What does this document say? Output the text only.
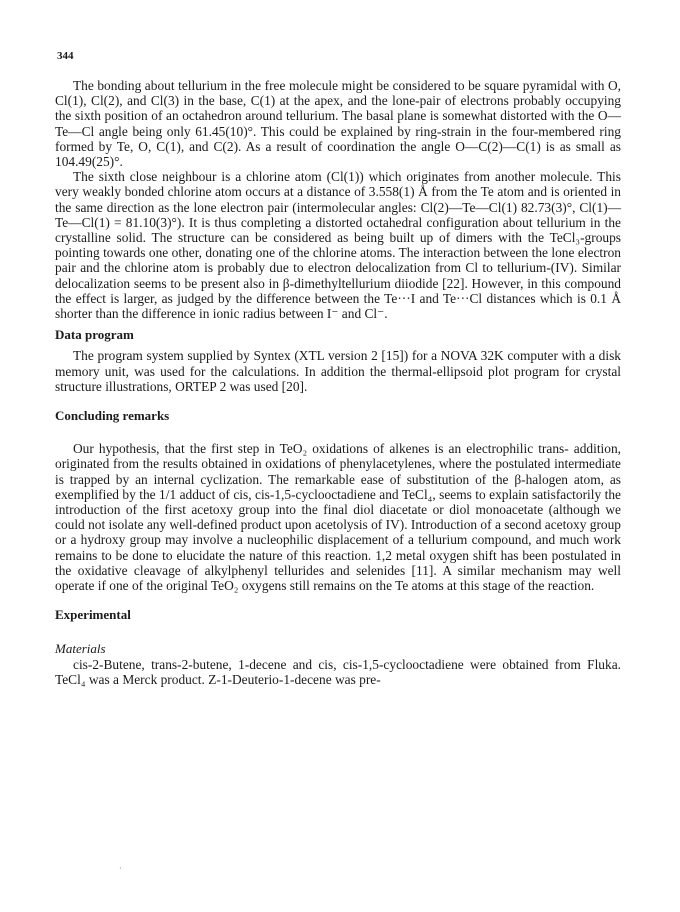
344

The bonding about tellurium in the free molecule might be considered to be square pyramidal with O, Cl(1), Cl(2), and Cl(3) in the base, C(1) at the apex, and the lone-pair of electrons probably occupying the sixth position of an octahedron around tellurium. The basal plane is somewhat distorted with the O—Te—Cl angle being only 61.45(10)°. This could be explained by ring-strain in the four-membered ring formed by Te, O, C(1), and C(2). As a result of coordination the angle O—C(2)—C(1) is as small as 104.49(25)°.

The sixth close neighbour is a chlorine atom (Cl(1)) which originates from another molecule. This very weakly bonded chlorine atom occurs at a distance of 3.558(1) Å from the Te atom and is oriented in the same direction as the lone electron pair (intermolecular angles: Cl(2)—Te—Cl(1) 82.73(3)°, Cl(1)—Te—Cl(1) = 81.10(3)°). It is thus completing a distorted octahedral configuration about tellurium in the crystalline solid. The structure can be considered as being built up of dimers with the TeCl₃-groups pointing towards one other, donating one of the chlorine atoms. The interaction between the lone electron pair and the chlorine atom is probably due to electron delocalization from Cl to tellurium-(IV). Similar delocalization seems to be present also in β-dimethyltellurium diiodide [22]. However, in this compound the effect is larger, as judged by the difference between the Te···I and Te···Cl distances which is 0.1 Å shorter than the difference in ionic radius between I⁻ and Cl⁻.

Data program

The program system supplied by Syntex (XTL version 2 [15]) for a NOVA 32K computer with a disk memory unit, was used for the calculations. In addition the thermal-ellipsoid plot program for crystal structure illustrations, ORTEP 2 was used [20].

Concluding remarks

Our hypothesis, that the first step in TeO₂ oxidations of alkenes is an electrophilic trans- addition, originated from the results obtained in oxidations of phenylacetylenes, where the postulated intermediate is trapped by an internal cyclization. The remarkable ease of substitution of the β-halogen atom, as exemplified by the 1/1 adduct of cis, cis-1,5-cyclooctadiene and TeCl₄, seems to explain satisfactorily the introduction of the first acetoxy group into the final diol diacetate or diol monoacetate (although we could not isolate any well-defined product upon acetolysis of IV). Introduction of a second acetoxy group or a hydroxy group may involve a nucleophilic displacement of a tellurium compound, and much work remains to be done to elucidate the nature of this reaction. 1,2 metal oxygen shift has been postulated in the oxidative cleavage of alkylphenyl tellurides and selenides [11]. A similar mechanism may well operate if one of the original TeO₂ oxygens still remains on the Te atoms at this stage of the reaction.

Experimental
Materials

cis-2-Butene, trans-2-butene, 1-decene and cis, cis-1,5-cyclooctadiene were obtained from Fluka. TeCl₄ was a Merck product. Z-1-Deuterio-1-decene was pre-

·
